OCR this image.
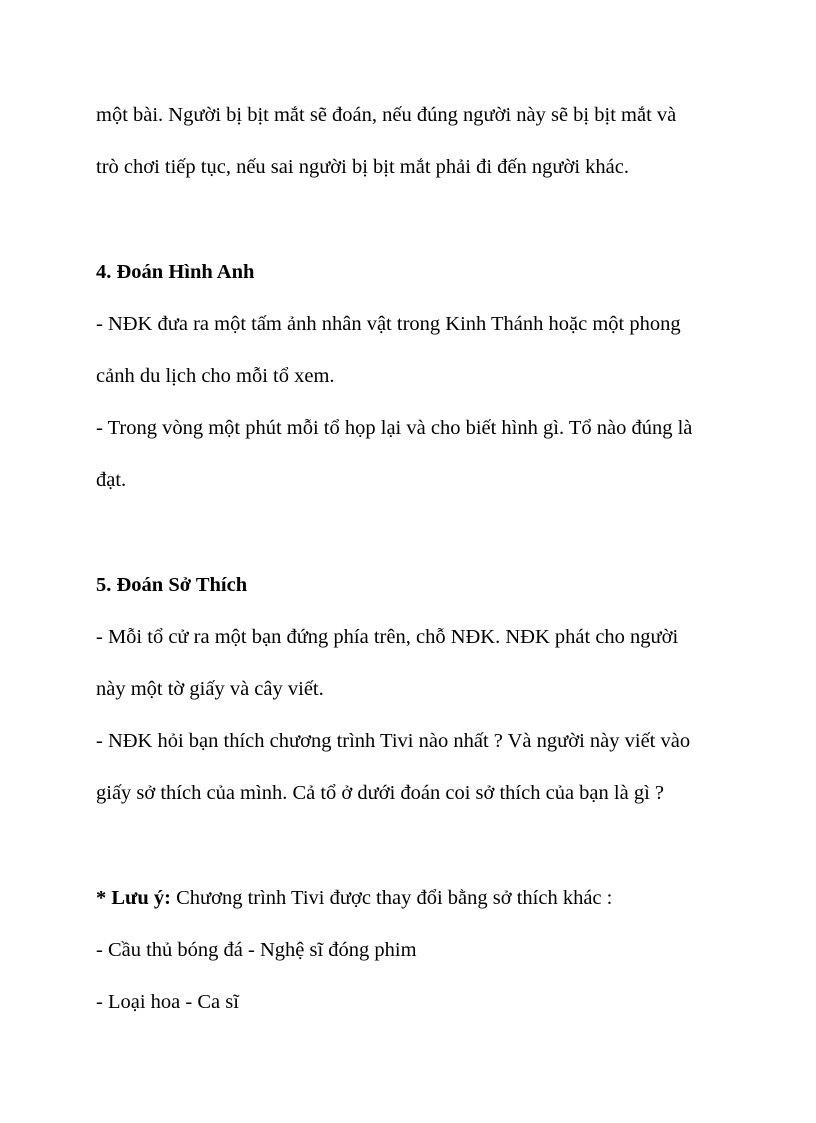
một bài. Người bị bịt mắt sẽ đoán, nếu đúng người này sẽ bị bịt mắt và
trò chơi tiếp tục, nếu sai người bị bịt mắt phải đi đến người khác.
4. Đoán Hình Anh
- NĐK đưa ra một tấm ảnh nhân vật trong Kinh Thánh hoặc một phong
cảnh du lịch cho mỗi tổ xem.
- Trong vòng một phút mỗi tổ họp lại và cho biết hình gì. Tổ nào đúng là
đạt.
5. Đoán Sở Thích
- Mỗi tổ cử ra một bạn đứng phía trên, chỗ NĐK. NĐK phát cho người
này một tờ giấy và cây viết.
- NĐK hỏi bạn thích chương trình Tivi nào nhất ? Và người này viết vào
giấy sở thích của mình. Cả tổ ở dưới đoán coi sở thích của bạn là gì ?
* Lưu ý: Chương trình Tivi được thay đổi bằng sở thích khác :
- Cầu thủ bóng đá - Nghệ sĩ đóng phim
- Loại hoa - Ca sĩ
